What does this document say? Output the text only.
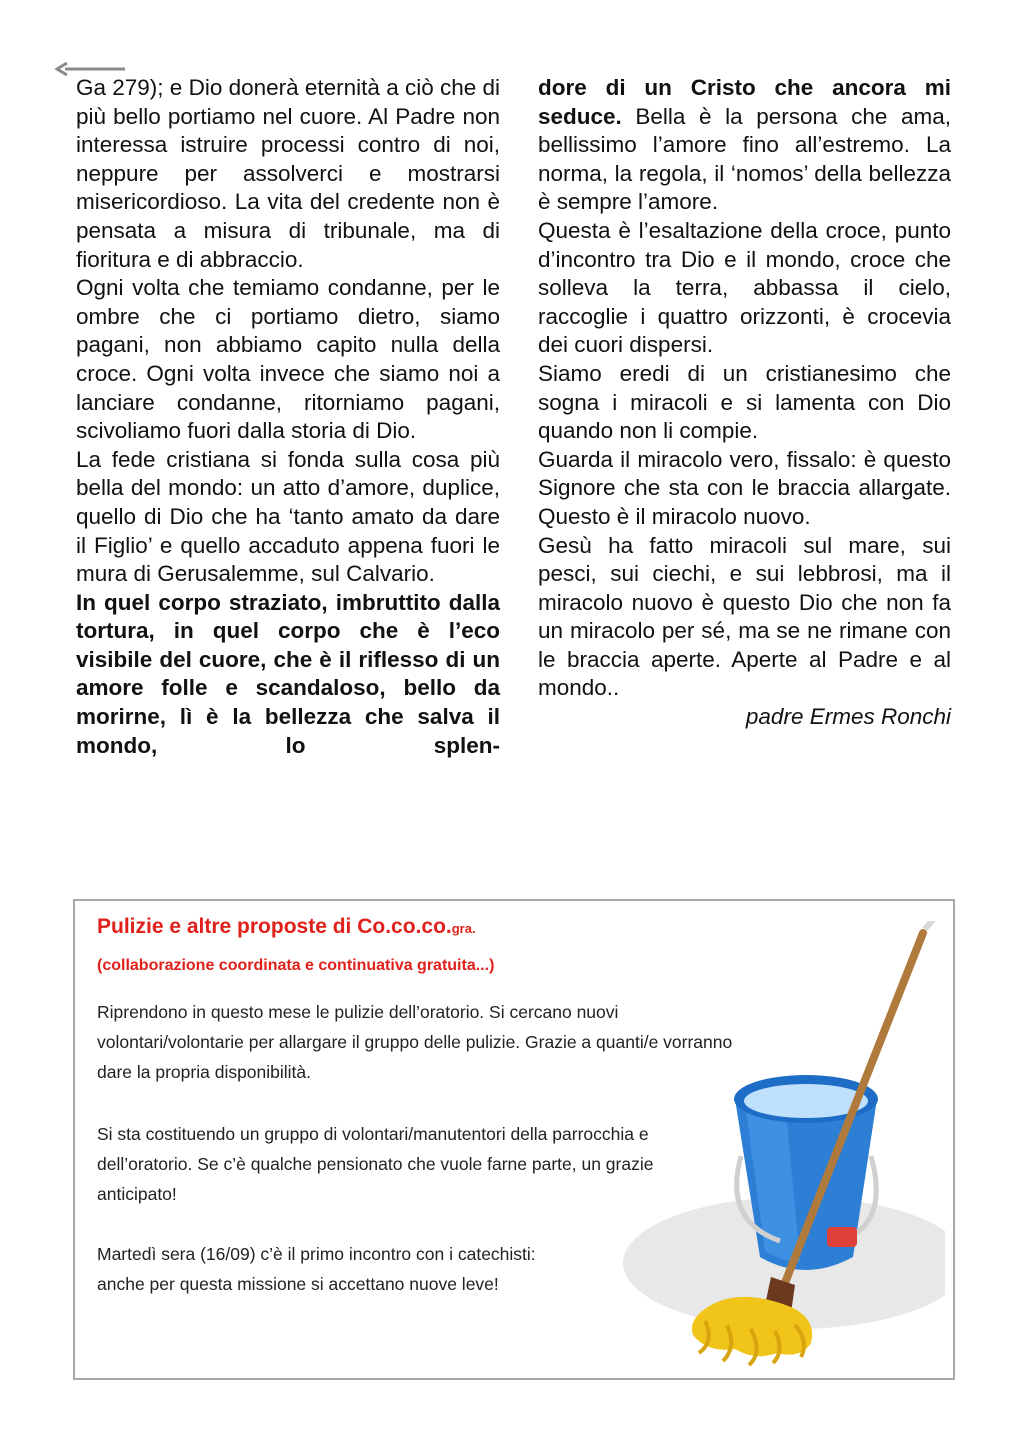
Ga 279); e Dio donerà eternità a ciò che di più bello portiamo nel cuore. Al Padre non interessa istruire processi contro di noi, neppure per assolverci e mostrarsi misericordioso. La vita del credente non è pensata a misura di tribunale, ma di fioritura e di abbraccio.

Ogni volta che temiamo condanne, per le ombre che ci portiamo dietro, siamo pagani, non abbiamo capito nulla della croce. Ogni volta invece che siamo noi a lanciare condanne, ritorniamo pagani, scivoliamo fuori dalla storia di Dio.

La fede cristiana si fonda sulla cosa più bella del mondo: un atto d’amore, duplice, quello di Dio che ha ‘tanto amato da dare il Figlio’ e quello accaduto appena fuori le mura di Gerusalemme, sul Calvario.

In quel corpo straziato, imbruttito dalla tortura, in quel corpo che è l’eco visibile del cuore, che è il riflesso di un amore folle e scandaloso, bello da morirne, lì è la bellezza che salva il mondo, lo splen-

dore di un Cristo che ancora mi seduce. Bella è la persona che ama, bellissimo l’amore fino all’estremo. La norma, la regola, il ‘nomos’ della bellezza è sempre l’amore.

Questa è l’esaltazione della croce, punto d’incontro tra Dio e il mondo, croce che solleva la terra, abbassa il cielo, raccoglie i quattro orizzonti, è crocevia dei cuori dispersi.

Siamo eredi di un cristianesimo che sogna i miracoli e si lamenta con Dio quando non li compie.

Guarda il miracolo vero, fissalo: è questo Signore che sta con le braccia allargate. Questo è il miracolo nuovo.

Gesù ha fatto miracoli sul mare, sui pesci, sui ciechi, e sui lebbrosi, ma il miracolo nuovo è questo Dio che non fa un miracolo per sé, ma se ne rimane con le braccia aperte. Aperte al Padre e al mondo..

padre Ermes Ronchi

Pulizie e altre proposte di Co.co.co.gra.
(collaborazione coordinata e continuativa gratuita...)

Riprendono in questo mese le pulizie dell’oratorio. Si cercano nuovi volontari/volontarie per allargare il gruppo delle pulizie. Grazie a quanti/e vorranno dare la propria disponibilità.

Si sta costituendo un gruppo di volontari/manutentori della parrocchia e dell’oratorio. Se c’è qualche pensionato che vuole farne parte, un grazie anticipato!

Martedì sera (16/09) c’è il primo incontro con i catechisti: anche per questa missione si accettano nuove leve!
